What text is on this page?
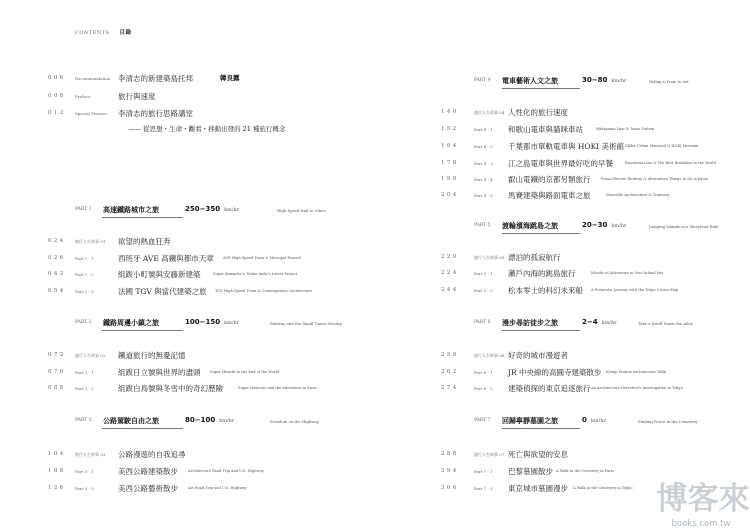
CONTENTS 目錄
0 0 6	Recommendation 李清志的新建築島托邦	韓良露
0 0 8	Preface	旅行與速度
0 1 2	Special Feature 李清志的旅行思路講堂
—— 從思想・生命・觀看・移動出發的 21 種旅行概念
PART 1 高速鐵路城市之旅	250−350 km/hr	High Speed Rail to Cities
0 2 4	旅行人生故事 01 欲望的熱血狂奔
0 2 6	Part 1 - 1	西班牙 AVE 高鐵與都市天章	AVE High Speed Train & Metropol Parasol
0 4 2	Part 1 - 2	組跋小町號與安藤新建築	Super Komachi & Tadao Ando's Latest Project
0 5 4	Part 1 - 3	法國 TGV 與當代建築之旅 TGV High Speed Train & Contemporary Architecture
PART 2 鐵路周邊小鎮之旅	100−150 km/hr	Railway and the Small Towns Nearby
0 7 2	旅行人生故事 02 鐵道旅行的無憂記憶
0 7 6	Part 2 - 1	組跋日立號與世界的盡頭	Super Hitachi to the End of the World
0 8 8	Part 2 - 2	組跋白鳥號與冬雪中的奇幻歷險	Super Hakucho and the Adventure in Snow
PART 3 公路駕駛自由之旅	80−100 km/hr	Freedom on the Highway
1 0 4	旅行人生故事 03 公路漫遊的自我追尋
1 0 8	Part 3 - 1	美西公路建築散步	Architecture Road Trip and U.S. Highway
1 2 6	Part 3 - 2	美西公路藝術散步	Art Road Trip and U.S. Highway
PART 4 電車藝術人文之旅	30−80 km/hr	Riding a Tram to Art
1 4 0	旅行人生故事 04 人性化的旅行速度
1 5 2	Part 4 - 1 和歌山電車與貓咪車站	Wakayama Line & Tama Station
1 6 4	Part 4 - 2 千葉都市單軌電車與 HOKI 美術館 Chiba Urban Monorail & HOKI Museum
1 7 8	Part 4 - 3 江之島電車與世界最好吃的早餐	Enoshima Line & The Best Breakfast in the World
1 9 0	Part 4 - 4 叡山電鐵的京都另類旅行	Eizan Electric Railway & Alternative Things to Do in Kyoto
2 0 4	Part 4 - 5 馬賽建築與路面電車之旅	Marseille Architecture & Tramway
PART 5 渡輪濱海跳島之旅	20−30 km/hr	Jumping Islands in a Ferryboat Ride
2 2 0	旅行人生故事 05 漂泊的孤寂航行
2 2 4	Part 5 - 1 瀨戶內海的跳島旅行	Islands of Adventure in Seto Inland Sea
2 4 4	Part 5 - 2 松本零士的科幻未來船 A Futuristic Journey with the Tokyo Cruise Ship
PART 6 漫步尋訪徒步之旅	2−4 km/hr	Take a Stroll Down the Alley
2 5 8	旅行人生故事 06 好奇的城市漫遊者
2 6 2	Part 6 - 1 JR 中央線的高圓寺建築散步 Kōenji Station Architecture Walk
2 7 4	Part 6 - 2 建築偵探的東京追逐旅行 An Architecture Detective's Investigation in Tokyo
PART 7 回歸寧靜墓園之旅	0 km/hr	Finding Peace in the Cemetery
2 8 8	旅行人生故事 07 死亡與欲望的安息
2 9 4	Part 7 - 1 巴黎墓園散步 A Walk in the Cemetery in Paris
3 0 6	Part 7 - 2 東京城市墓園漫步 A Walk in the Cemetery in Tokyo 博客來
books.com.tw
